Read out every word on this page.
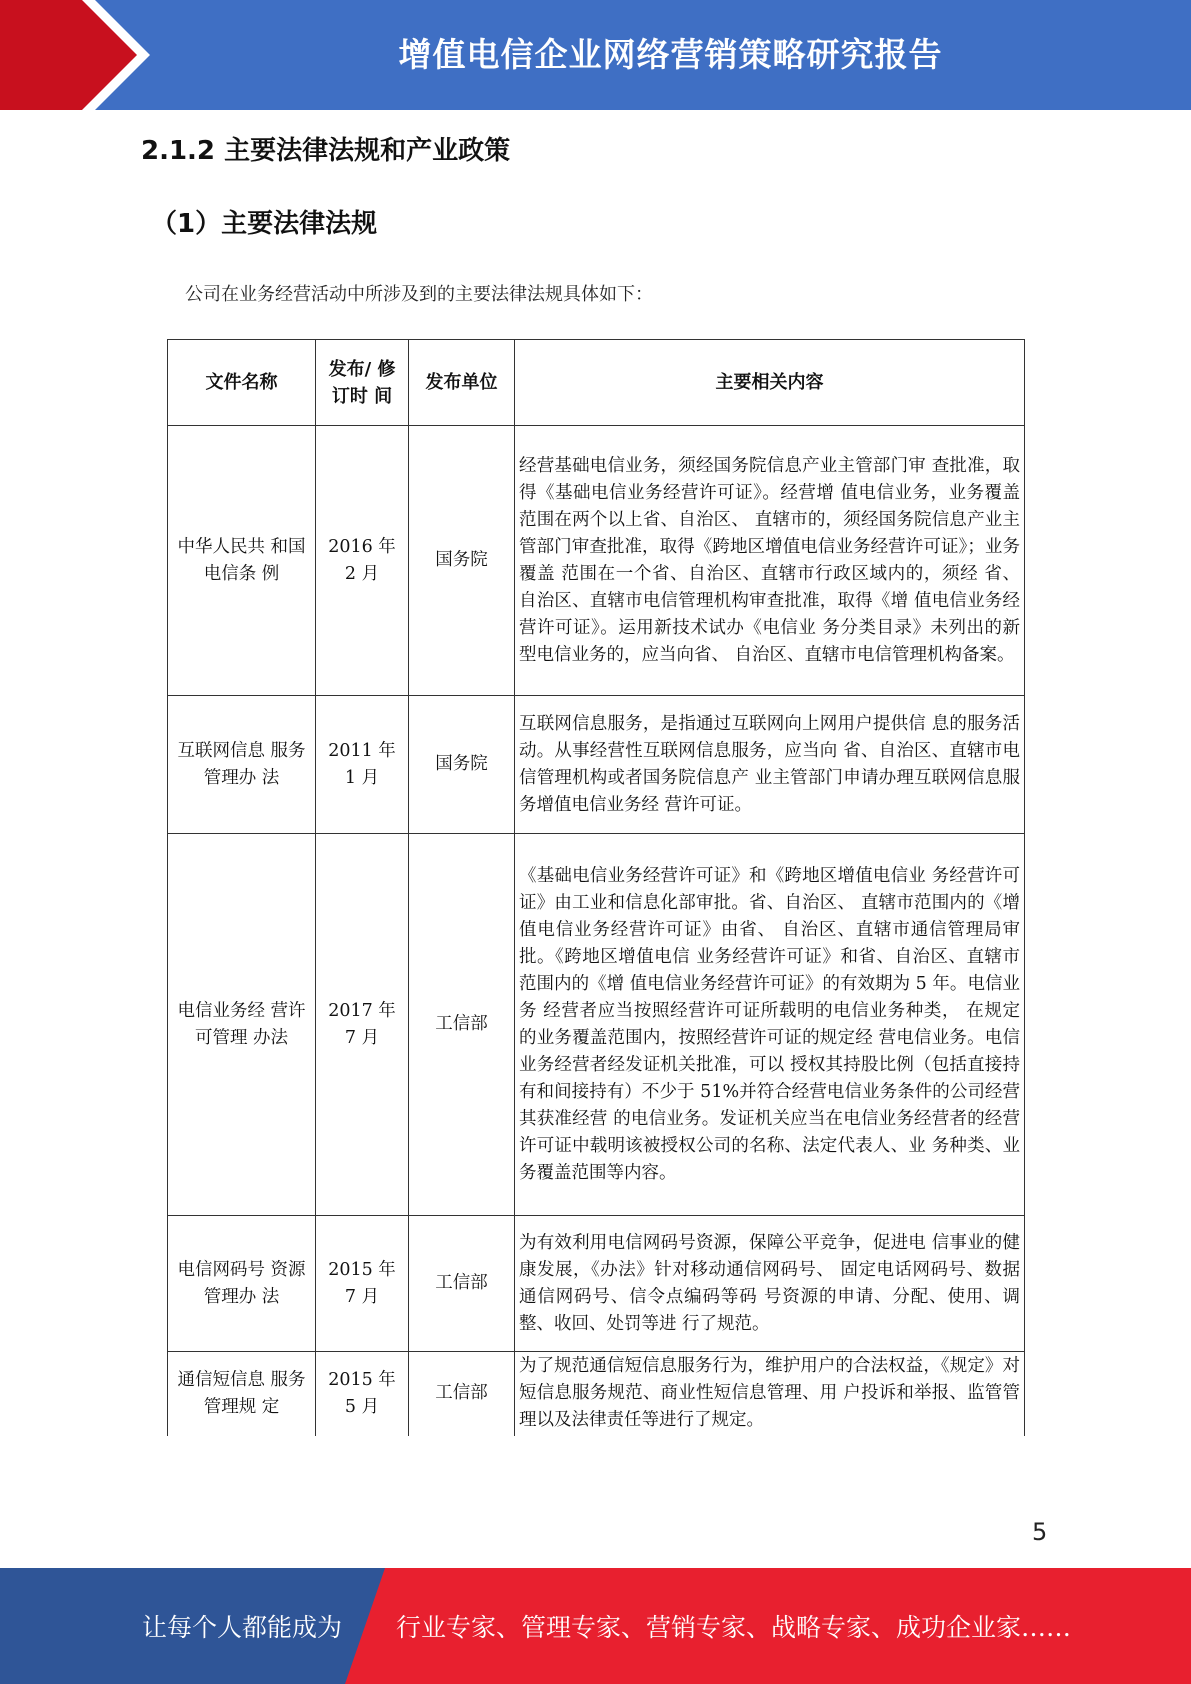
增值电信企业网络营销策略研究报告
2.1.2 主要法律法规和产业政策
（1）主要法律法规
公司在业务经营活动中所涉及到的主要法律法规具体如下：
文件名称	发布/ 修订时 间	发布单位	主要相关内容
中华人民共 和国电信条 例	2016 年 2 月	国务院	经营基础电信业务，须经国务院信息产业主管部门审 查批准，取得《基础电信业务经营许可证》。经营增 值电信业务，业务覆盖范围在两个以上省、自治区、 直辖市的，须经国务院信息产业主管部门审查批准，取得《跨地区增值电信业务经营许可证》；业务覆盖 范围在一个省、自治区、直辖市行政区域内的，须经 省、自治区、直辖市电信管理机构审查批准，取得《增 值电信业务经营许可证》。运用新技术试办《电信业 务分类目录》未列出的新型电信业务的，应当向省、 自治区、直辖市电信管理机构备案。
互联网信息 服务管理办 法	2011 年 1 月	国务院	互联网信息服务，是指通过互联网向上网用户提供信 息的服务活动。从事经营性互联网信息服务，应当向 省、自治区、直辖市电信管理机构或者国务院信息产 业主管部门申请办理互联网信息服务增值电信业务经 营许可证。
电信业务经 营许可管理 办法	2017 年 7 月	工信部	《基础电信业务经营许可证》和《跨地区增值电信业 务经营许可证》由工业和信息化部审批。省、自治区、 直辖市范围内的《增值电信业务经营许可证》由省、 自治区、直辖市通信管理局审批。《跨地区增值电信 业务经营许可证》和省、自治区、直辖市范围内的《增 值电信业务经营许可证》的有效期为 5 年。电信业务 经营者应当按照经营许可证所载明的电信业务种类， 在规定的业务覆盖范围内，按照经营许可证的规定经 营电信业务。电信业务经营者经发证机关批准，可以 授权其持股比例（包括直接持有和间接持有）不少于 51%并符合经营电信业务条件的公司经营其获准经营 的电信业务。发证机关应当在电信业务经营者的经营 许可证中载明该被授权公司的名称、法定代表人、业 务种类、业务覆盖范围等内容。
电信网码号 资源管理办 法	2015 年 7 月	工信部	为有效利用电信网码号资源，保障公平竞争，促进电 信事业的健康发展，《办法》针对移动通信网码号、 固定电话网码号、数据通信网码号、信令点编码等码 号资源的申请、分配、使用、调整、收回、处罚等进 行了规范。
通信短信息 服务管理规 定	2015 年 5 月	工信部	为了规范通信短信息服务行为，维护用户的合法权益，《规定》对短信息服务规范、商业性短信息管理、用 户投诉和举报、监管管理以及法律责任等进行了规定。
5
让每个人都能成为 行业专家、管理专家、营销专家、战略专家、成功企业家……
